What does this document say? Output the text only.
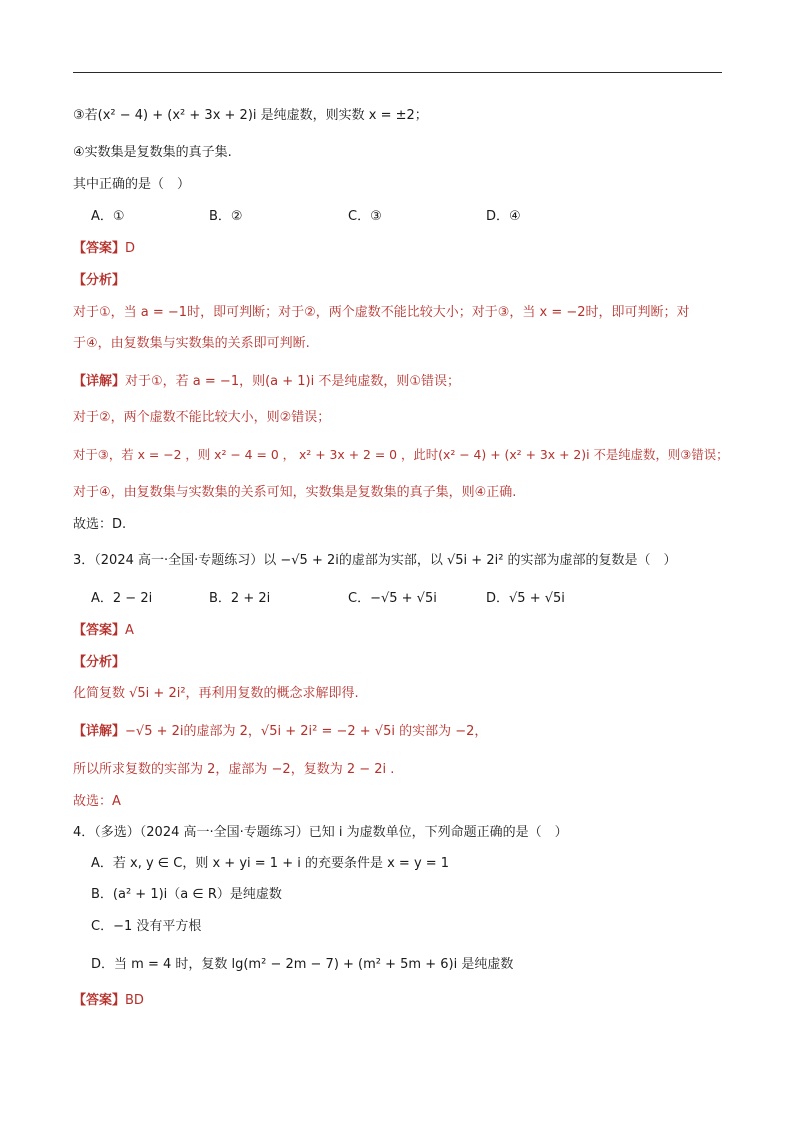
③若(x² − 4) + (x² + 3x + 2)i 是纯虚数，则实数 x = ±2；
④实数集是复数集的真子集.
其中正确的是（　）
A．①	B．②	C．③	D．④
【答案】D
【分析】
对于①，当 a = −1时，即可判断；对于②，两个虚数不能比较大小；对于③，当 x = −2时，即可判断；对
于④，由复数集与实数集的关系即可判断.
【详解】对于①，若 a = −1，则(a + 1)i 不是纯虚数，则①错误；
对于②，两个虚数不能比较大小，则②错误；
对于③，若 x = −2 ，则 x² − 4 = 0 ， x² + 3x + 2 = 0 ，此时(x² − 4) + (x² + 3x + 2)i 不是纯虚数，则③错误；
对于④，由复数集与实数集的关系可知，实数集是复数集的真子集，则④正确.
故选：D.
3．（2024 高一·全国·专题练习）以 −√5 + 2i的虚部为实部，以 √5i + 2i² 的实部为虚部的复数是（　）
A．2 − 2i	B．2 + 2i	C．−√5 + √5i	D．√5 + √5i
【答案】A
【分析】
化简复数 √5i + 2i²，再利用复数的概念求解即得.
【详解】−√5 + 2i的虚部为 2，√5i + 2i² = −2 + √5i 的实部为 −2，
所以所求复数的实部为 2，虚部为 −2，复数为 2 − 2i .
故选：A
4．（多选）（2024 高一·全国·专题练习）已知 i 为虚数单位，下列命题正确的是（　）
A．若 x, y ∈ C，则 x + yi = 1 + i 的充要条件是 x = y = 1
B．(a² + 1)i（a ∈ R）是纯虚数
C．−1 没有平方根
D．当 m = 4 时，复数 lg(m² − 2m − 7) + (m² + 5m + 6)i 是纯虚数
【答案】BD
